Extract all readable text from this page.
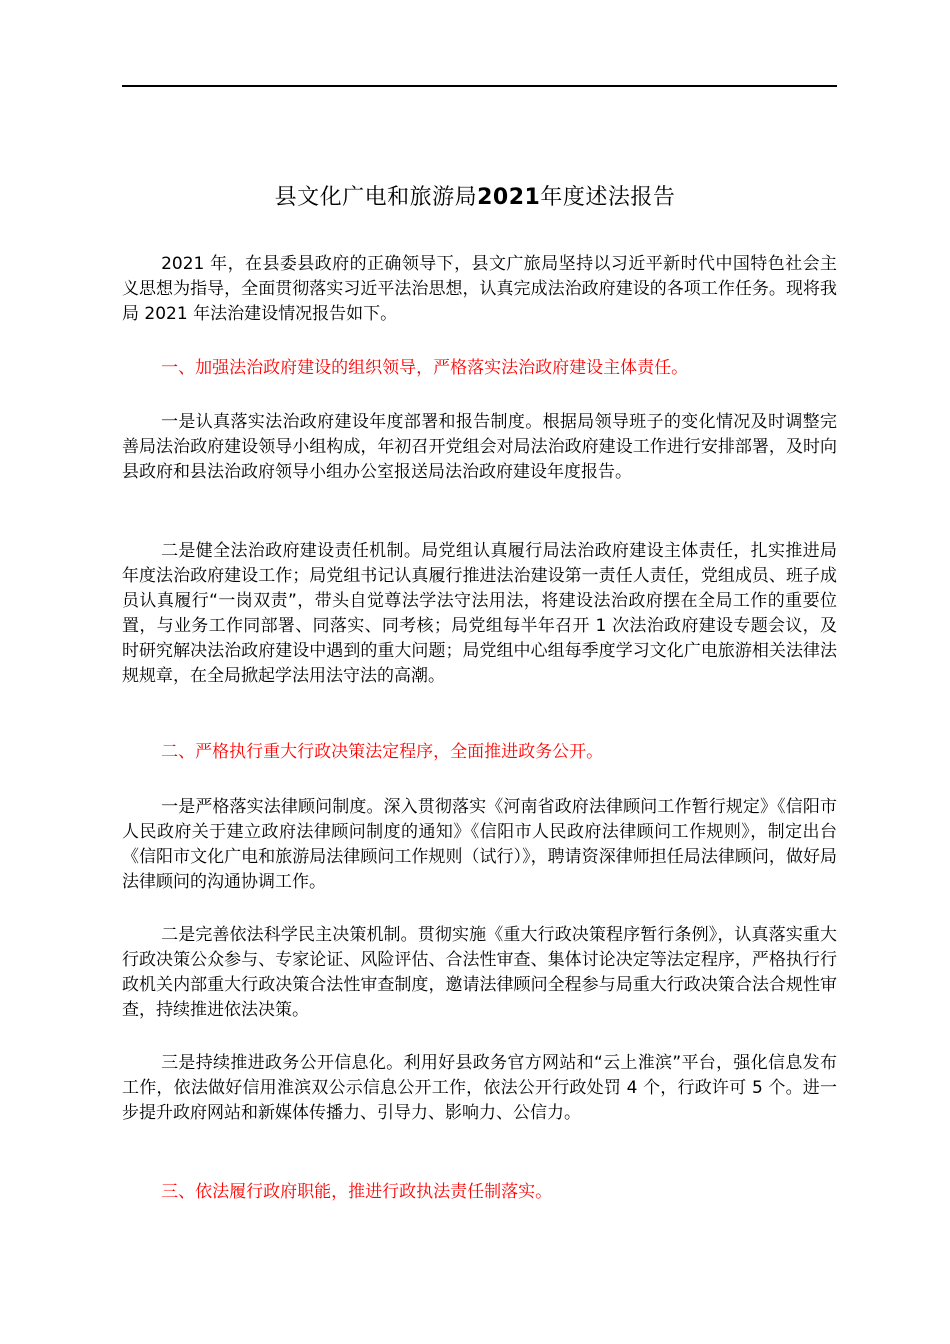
县文化广电和旅游局2021年度述法报告
2021 年，在县委县政府的正确领导下，县文广旅局坚持以习近平新时代中国特色社会主义思想为指导，全面贯彻落实习近平法治思想，认真完成法治政府建设的各项工作任务。现将我局 2021 年法治建设情况报告如下。
一、加强法治政府建设的组织领导，严格落实法治政府建设主体责任。
一是认真落实法治政府建设年度部署和报告制度。根据局领导班子的变化情况及时调整完善局法治政府建设领导小组构成，年初召开党组会对局法治政府建设工作进行安排部署，及时向县政府和县法治政府领导小组办公室报送局法治政府建设年度报告。
二是健全法治政府建设责任机制。局党组认真履行局法治政府建设主体责任，扎实推进局年度法治政府建设工作；局党组书记认真履行推进法治建设第一责任人责任，党组成员、班子成员认真履行“一岗双责”，带头自觉尊法学法守法用法，将建设法治政府摆在全局工作的重要位置，与业务工作同部署、同落实、同考核；局党组每半年召开 1 次法治政府建设专题会议，及时研究解决法治政府建设中遇到的重大问题；局党组中心组每季度学习文化广电旅游相关法律法规规章，在全局掀起学法用法守法的高潮。
二、严格执行重大行政决策法定程序，全面推进政务公开。
一是严格落实法律顾问制度。深入贯彻落实《河南省政府法律顾问工作暂行规定》《信阳市人民政府关于建立政府法律顾问制度的通知》《信阳市人民政府法律顾问工作规则》，制定出台《信阳市文化广电和旅游局法律顾问工作规则（试行）》，聘请资深律师担任局法律顾问，做好局法律顾问的沟通协调工作。
二是完善依法科学民主决策机制。贯彻实施《重大行政决策程序暂行条例》，认真落实重大行政决策公众参与、专家论证、风险评估、合法性审查、集体讨论决定等法定程序，严格执行行政机关内部重大行政决策合法性审查制度，邀请法律顾问全程参与局重大行政决策合法合规性审查，持续推进依法决策。
三是持续推进政务公开信息化。利用好县政务官方网站和“云上淮滨”平台，强化信息发布工作，依法做好信用淮滨双公示信息公开工作，依法公开行政处罚 4 个，行政许可 5 个。进一步提升政府网站和新媒体传播力、引导力、影响力、公信力。
三、依法履行政府职能，推进行政执法责任制落实。
